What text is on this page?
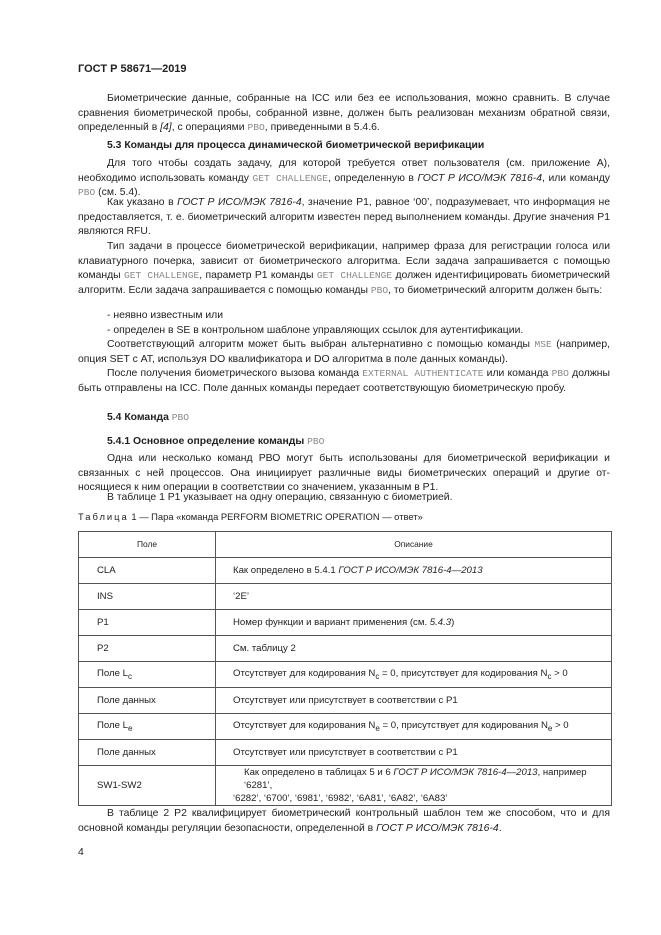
ГОСТ Р 58671—2019
Биометрические данные, собранные на ICC или без ее использования, можно сравнить. В случае сравнения биометрической пробы, собранной извне, должен быть реализован механизм обратной связи, определенный в [4], с операциями PBO, приведенными в 5.4.6.
5.3 Команды для процесса динамической биометрической верификации
Для того чтобы создать задачу, для которой требуется ответ пользователя (см. приложение А), необходимо использовать команду GET CHALLENGE, определенную в ГОСТ Р ИСО/МЭК 7816-4, или команду PBO (см. 5.4).
Как указано в ГОСТ Р ИСО/МЭК 7816-4, значение Р1, равное ‘00’, подразумевает, что информация не предоставляется, т. е. биометрический алгоритм известен перед выполнением команды. Другие значения Р1 являются RFU.
Тип задачи в процессе биометрической верификации, например фраза для регистрации голоса или клавиатурного почерка, зависит от биометрического алгоритма. Если задача запрашивается с помощью команды GET CHALLENGE, параметр Р1 команды GET CHALLENGE должен идентифицировать биометрический алгоритм. Если задача запрашивается с помощью команды PBO, то биометрический алгоритм должен быть:
- неявно известным или
- определен в SE в контрольном шаблоне управляющих ссылок для аутентификации.
Соответствующий алгоритм может быть выбран альтернативно с помощью команды MSE (например, опция SET с АТ, используя DO квалификатора и DO алгоритма в поле данных команды).
После получения биометрического вызова команда EXTERNAL AUTHENTICATE или команда PBO должны быть отправлены на ICC. Поле данных команды передает соответствующую биометрическую пробу.
5.4 Команда PBO
5.4.1 Основное определение команды PBO
Одна или несколько команд РВО могут быть использованы для биометрической верификации и связанных с ней процессов. Она инициирует различные виды биометрических операций и другие относящиеся к ним операции в соответствии со значением, указанным в Р1.
В таблице 1 Р1 указывает на одну операцию, связанную с биометрией.
Таблица 1 — Пара «команда PERFORM BIOMETRIC OPERATION — ответ»
Поле	Описание
CLA	Как определено в 5.4.1 ГОСТ Р ИСО/МЭК 7816-4—2013
INS	‘2E’
P1	Номер функции и вариант применения (см. 5.4.3)
P2	См. таблицу 2
Поле $L_c$	Отсутствует для кодирования $N_c = 0$, присутствует для кодирования $N_c > 0$
Поле данных	Отсутствует или присутствует в соответствии с Р1
Поле $L_e$	Отсутствует для кодирования $N_e = 0$, присутствует для кодирования $N_e > 0$
Поле данных	Отсутствует или присутствует в соответствии с Р1
SW1-SW2	Как определено в таблицах 5 и 6 ГОСТ Р ИСО/МЭК 7816-4—2013, например ‘6281’,
‘6282’, ‘6700’, ‘6981’, ‘6982’, ‘6A81’, ‘6A82’, ‘6A83’
В таблице 2 Р2 квалифицирует биометрический контрольный шаблон тем же способом, что и для основной команды регуляции безопасности, определенной в ГОСТ Р ИСО/МЭК 7816-4.
4
